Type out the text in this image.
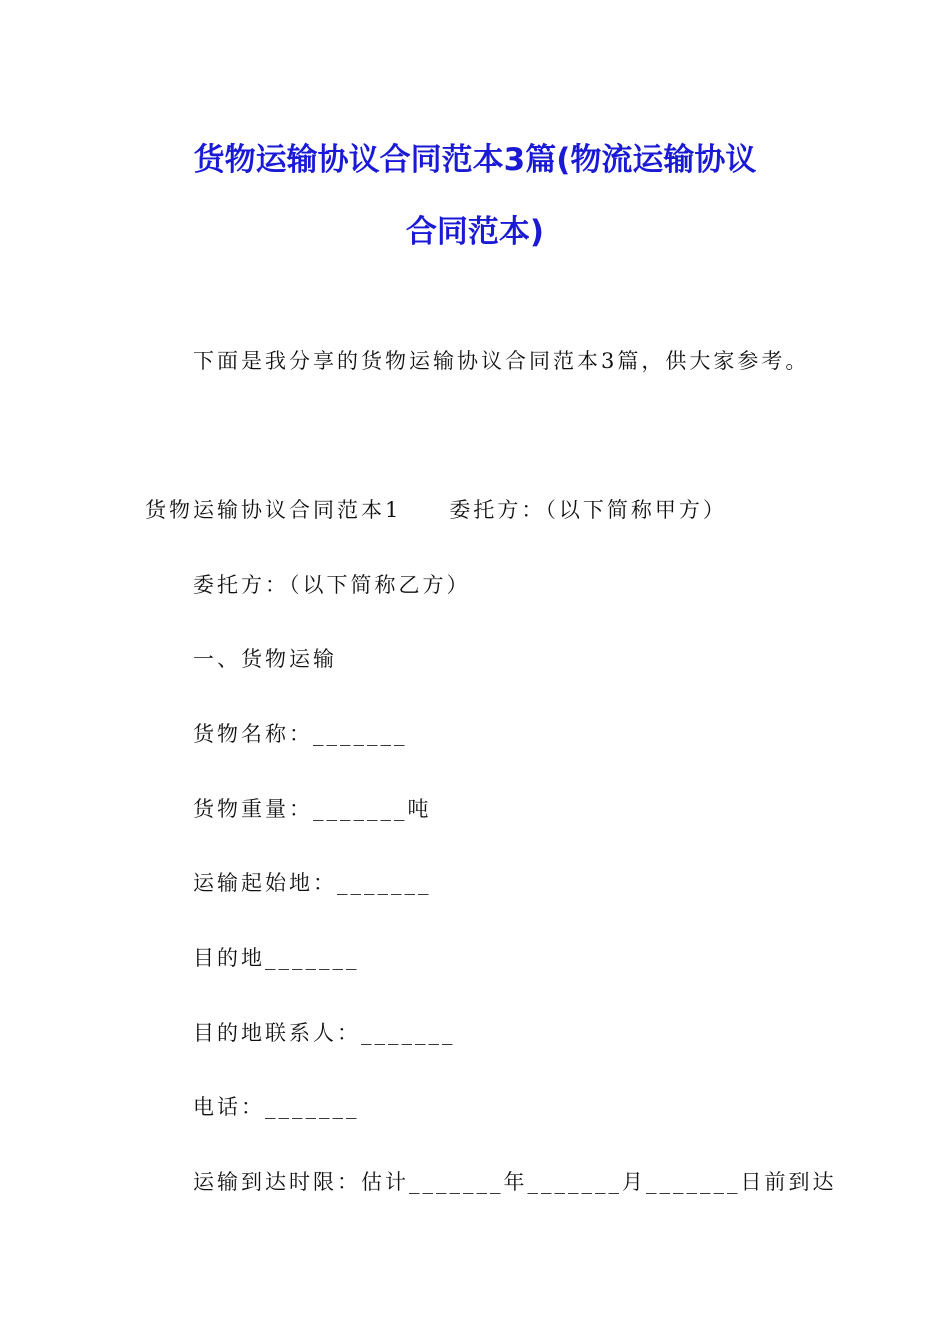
货物运输协议合同范本3篇(物流运输协议
合同范本)

下面是我分享的货物运输协议合同范本3篇，供大家参考。

货物运输协议合同范本1 委托方：（以下简称甲方）

委托方：（以下简称乙方）

一、货物运输

货物名称：_______

货物重量：_______吨

运输起始地：_______

目的地_______

目的地联系人：_______

电话：_______

运输到达时限：估计_______年_______月_______日前到达
